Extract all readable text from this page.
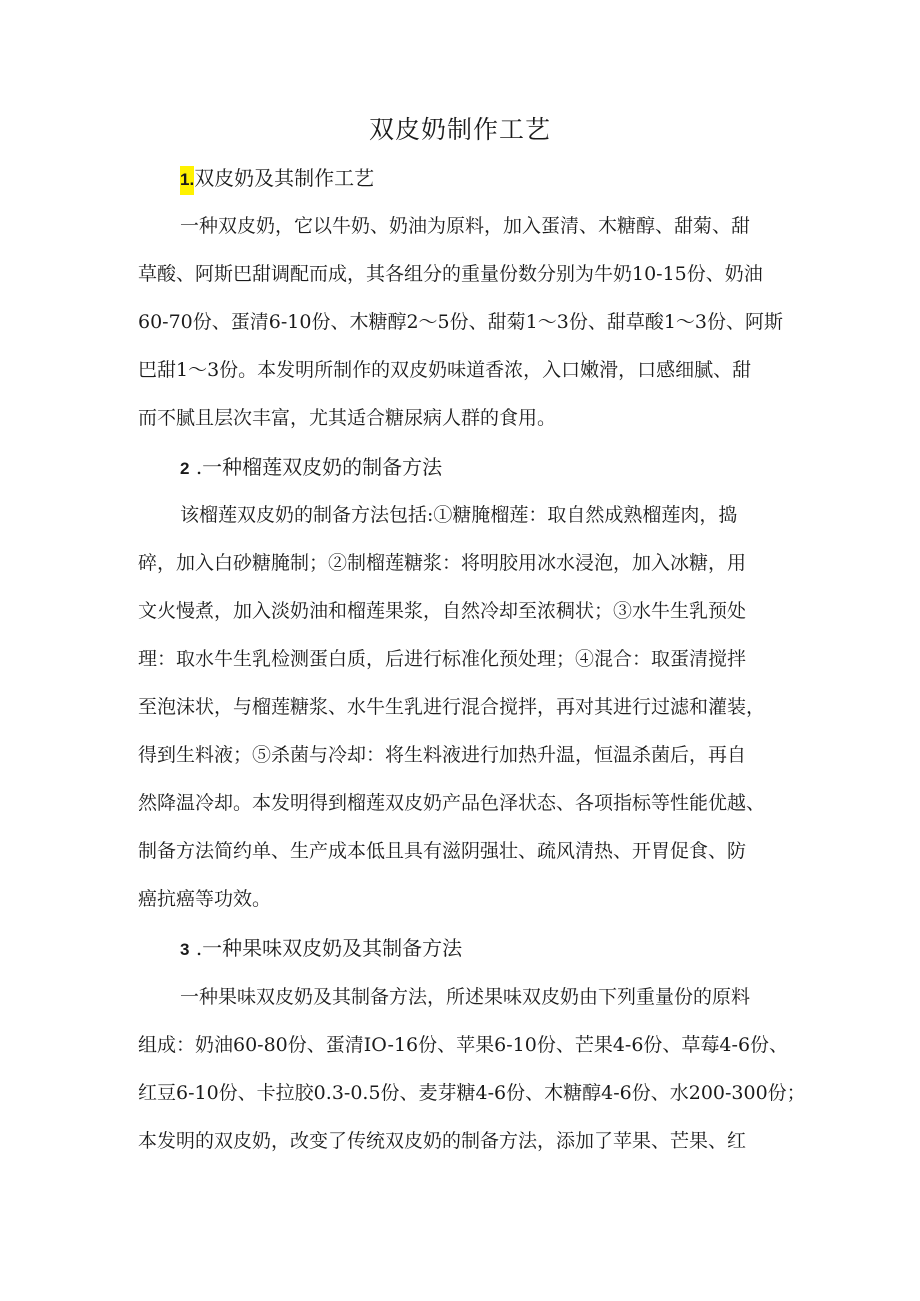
双皮奶制作工艺
1.双皮奶及其制作工艺
一种双皮奶，它以牛奶、奶油为原料，加入蛋清、木糖醇、甜菊、甜
草酸、阿斯巴甜调配而成，其各组分的重量份数分别为牛奶10-15份、奶油
60-70份、蛋清6-10份、木糖醇2～5份、甜菊1～3份、甜草酸1～3份、阿斯
巴甜1～3份。本发明所制作的双皮奶味道香浓，入口嫩滑，口感细腻、甜
而不腻且层次丰富，尤其适合糖尿病人群的食用。
2 .一种榴莲双皮奶的制备方法
该榴莲双皮奶的制备方法包括:①糖腌榴莲：取自然成熟榴莲肉，捣
碎，加入白砂糖腌制；②制榴莲糖浆：将明胶用冰水浸泡，加入冰糖，用
文火慢煮，加入淡奶油和榴莲果浆，自然冷却至浓稠状；③水牛生乳预处
理：取水牛生乳检测蛋白质，后进行标准化预处理；④混合：取蛋清搅拌
至泡沫状，与榴莲糖浆、水牛生乳进行混合搅拌，再对其进行过滤和灌装，
得到生料液；⑤杀菌与冷却：将生料液进行加热升温，恒温杀菌后，再自
然降温冷却。本发明得到榴莲双皮奶产品色泽状态、各项指标等性能优越、
制备方法简约单、生产成本低且具有滋阴强壮、疏风清热、开胃促食、防
癌抗癌等功效。
3 .一种果味双皮奶及其制备方法
一种果味双皮奶及其制备方法，所述果味双皮奶由下列重量份的原料
组成：奶油60-80份、蛋清IO-16份、苹果6-10份、芒果4-6份、草莓4-6份、
红豆6-10份、卡拉胶0.3-0.5份、麦芽糖4-6份、木糖醇4-6份、水200-300份；
本发明的双皮奶，改变了传统双皮奶的制备方法，添加了苹果、芒果、红
